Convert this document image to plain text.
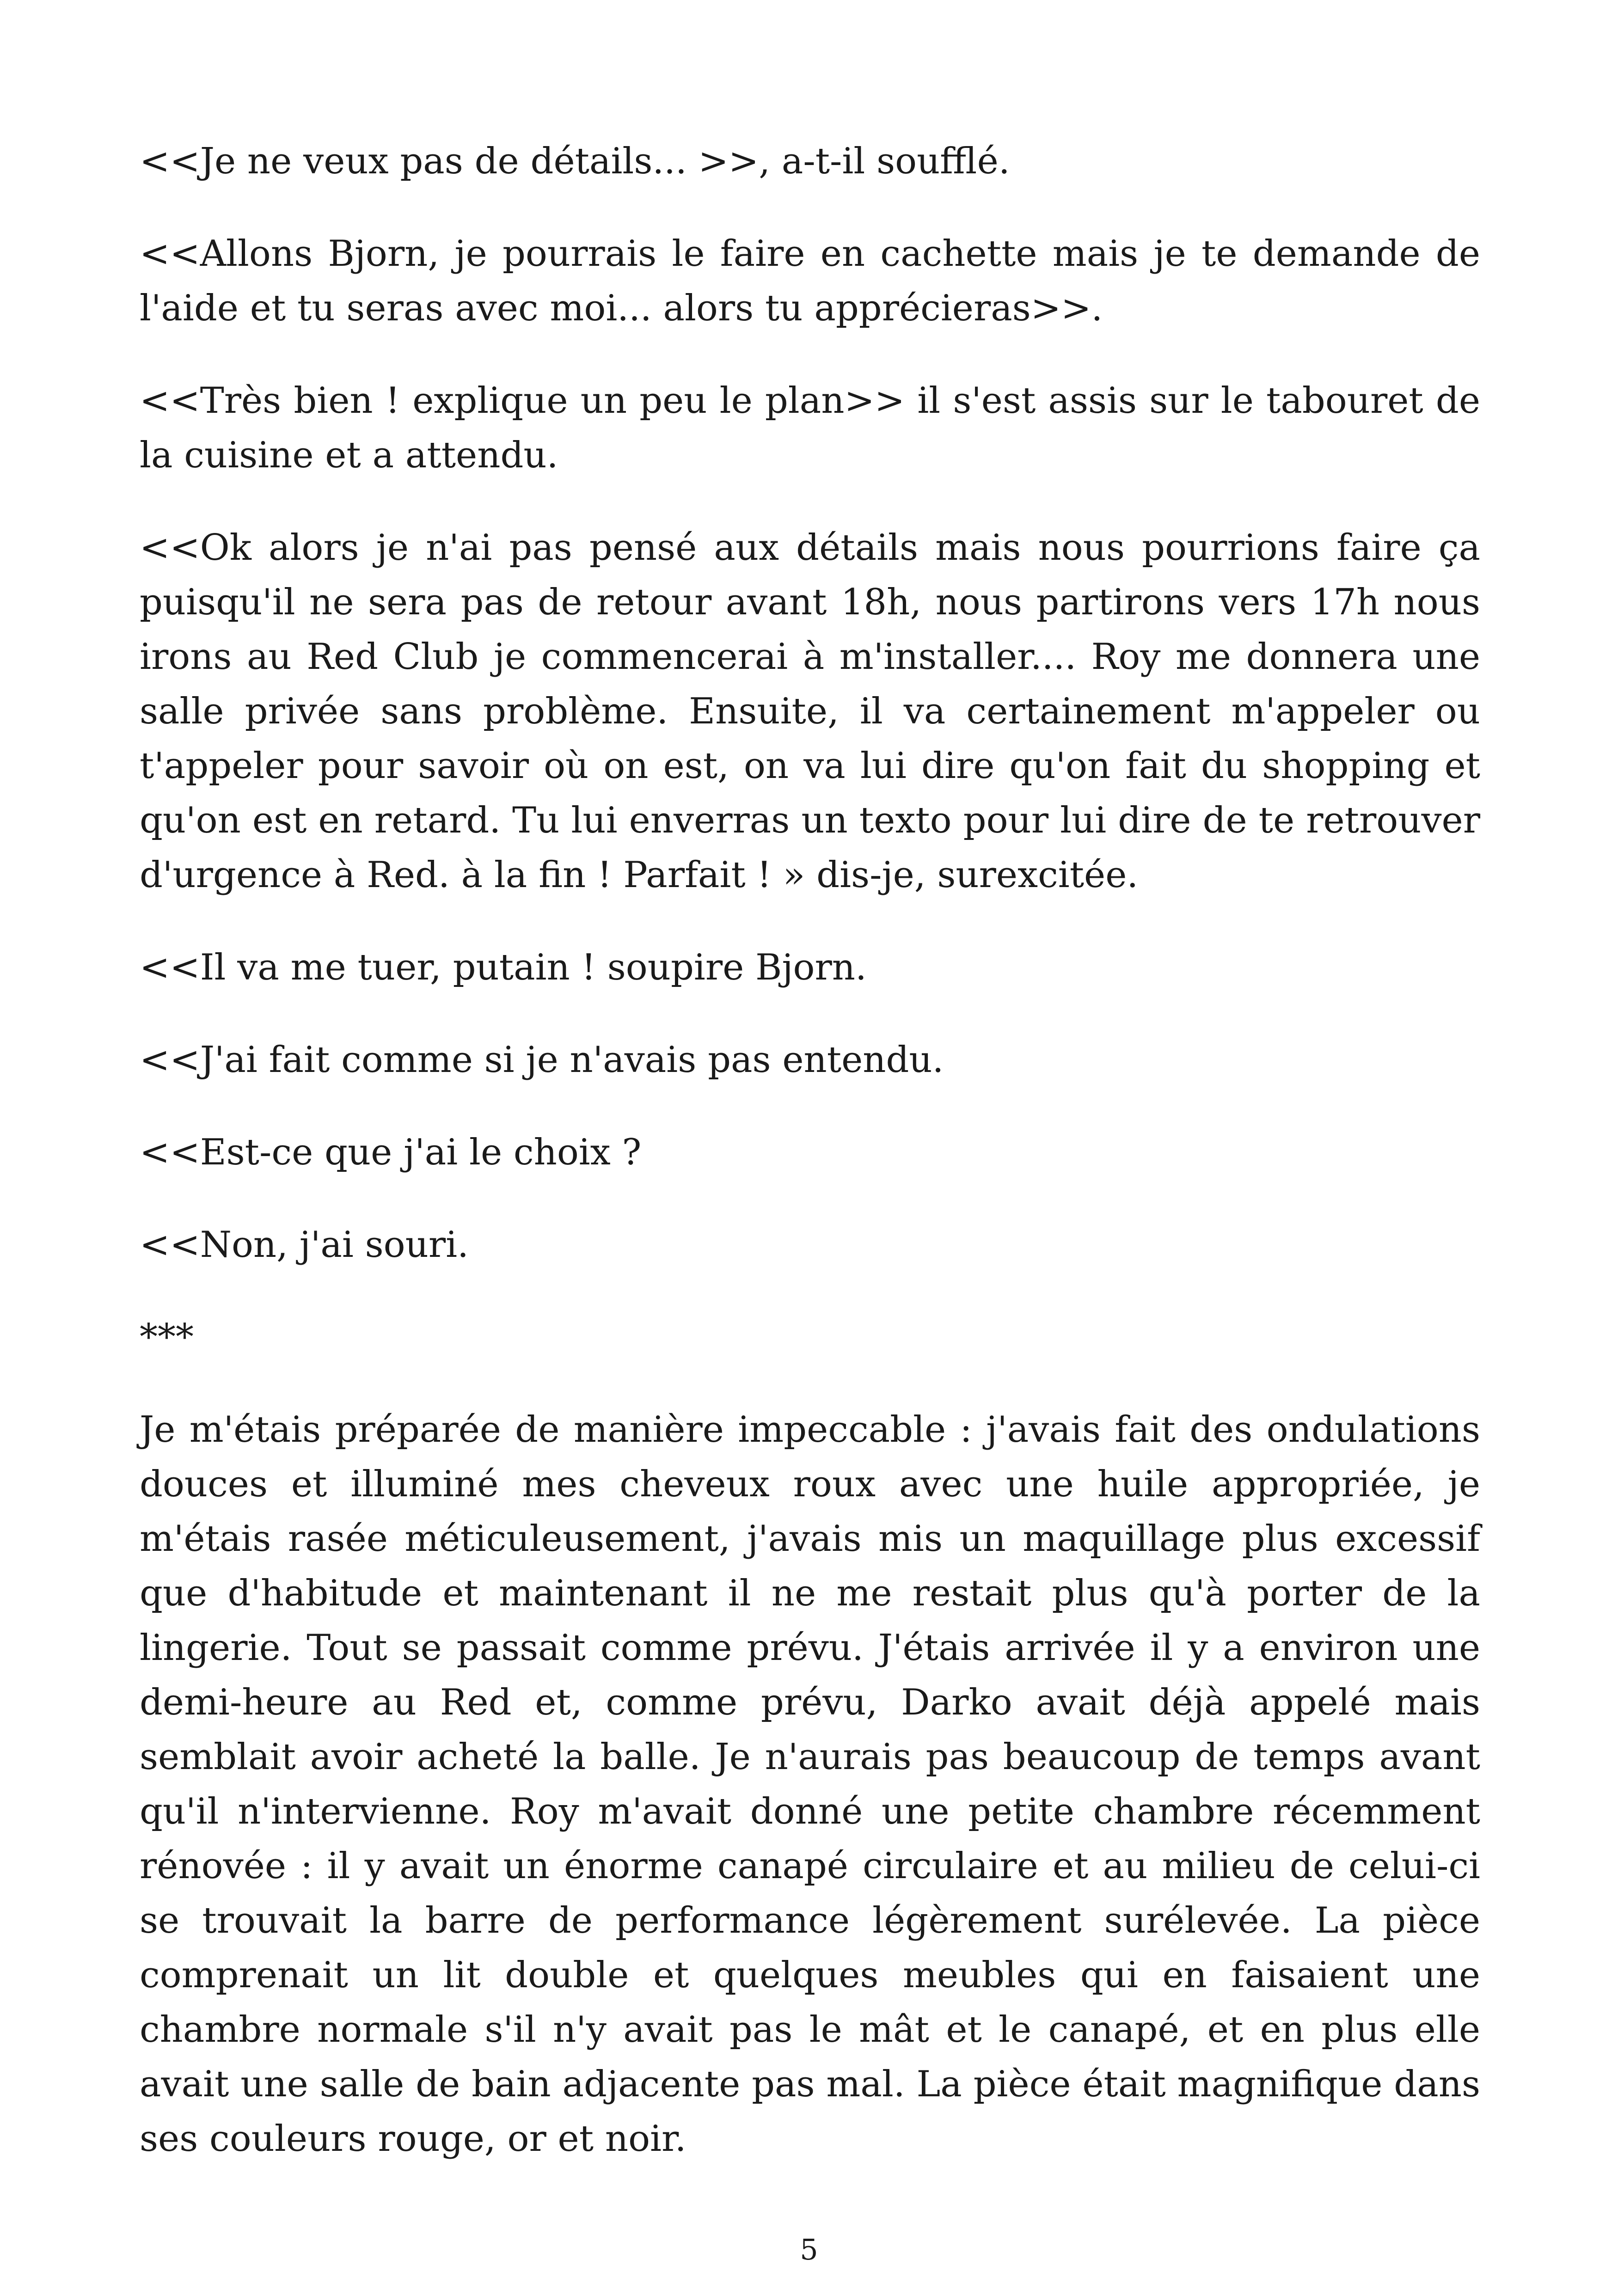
<<Je ne veux pas de détails... >>, a-t-il soufflé.

<<Allons Bjorn, je pourrais le faire en cachette mais je te demande de l'aide et tu seras avec moi... alors tu apprécieras>>.

<<Très bien ! explique un peu le plan>> il s'est assis sur le tabouret de la cuisine et a attendu.

<<Ok alors je n'ai pas pensé aux détails mais nous pourrions faire ça puisqu'il ne sera pas de retour avant 18h, nous partirons vers 17h nous irons au Red Club je commencerai à m'installer.... Roy me donnera une salle privée sans problème. Ensuite, il va certainement m'appeler ou t'appeler pour savoir où on est, on va lui dire qu'on fait du shopping et qu'on est en retard. Tu lui enverras un texto pour lui dire de te retrouver d'urgence à Red. à la fin ! Parfait ! » dis-je, surexcitée.

<<Il va me tuer, putain ! soupire Bjorn.

<<J'ai fait comme si je n'avais pas entendu.

<<Est-ce que j'ai le choix ?

<<Non, j'ai souri.

***

Je m'étais préparée de manière impeccable : j'avais fait des ondulations douces et illuminé mes cheveux roux avec une huile appropriée, je m'étais rasée méticuleusement, j'avais mis un maquillage plus excessif que d'habitude et maintenant il ne me restait plus qu'à porter de la lingerie. Tout se passait comme prévu. J'étais arrivée il y a environ une demi-heure au Red et, comme prévu, Darko avait déjà appelé mais semblait avoir acheté la balle. Je n'aurais pas beaucoup de temps avant qu'il n'intervienne. Roy m'avait donné une petite chambre récemment rénovée : il y avait un énorme canapé circulaire et au milieu de celui-ci se trouvait la barre de performance légèrement surélevée. La pièce comprenait un lit double et quelques meubles qui en faisaient une chambre normale s'il n'y avait pas le mât et le canapé, et en plus elle avait une salle de bain adjacente pas mal. La pièce était magnifique dans ses couleurs rouge, or et noir.

5
